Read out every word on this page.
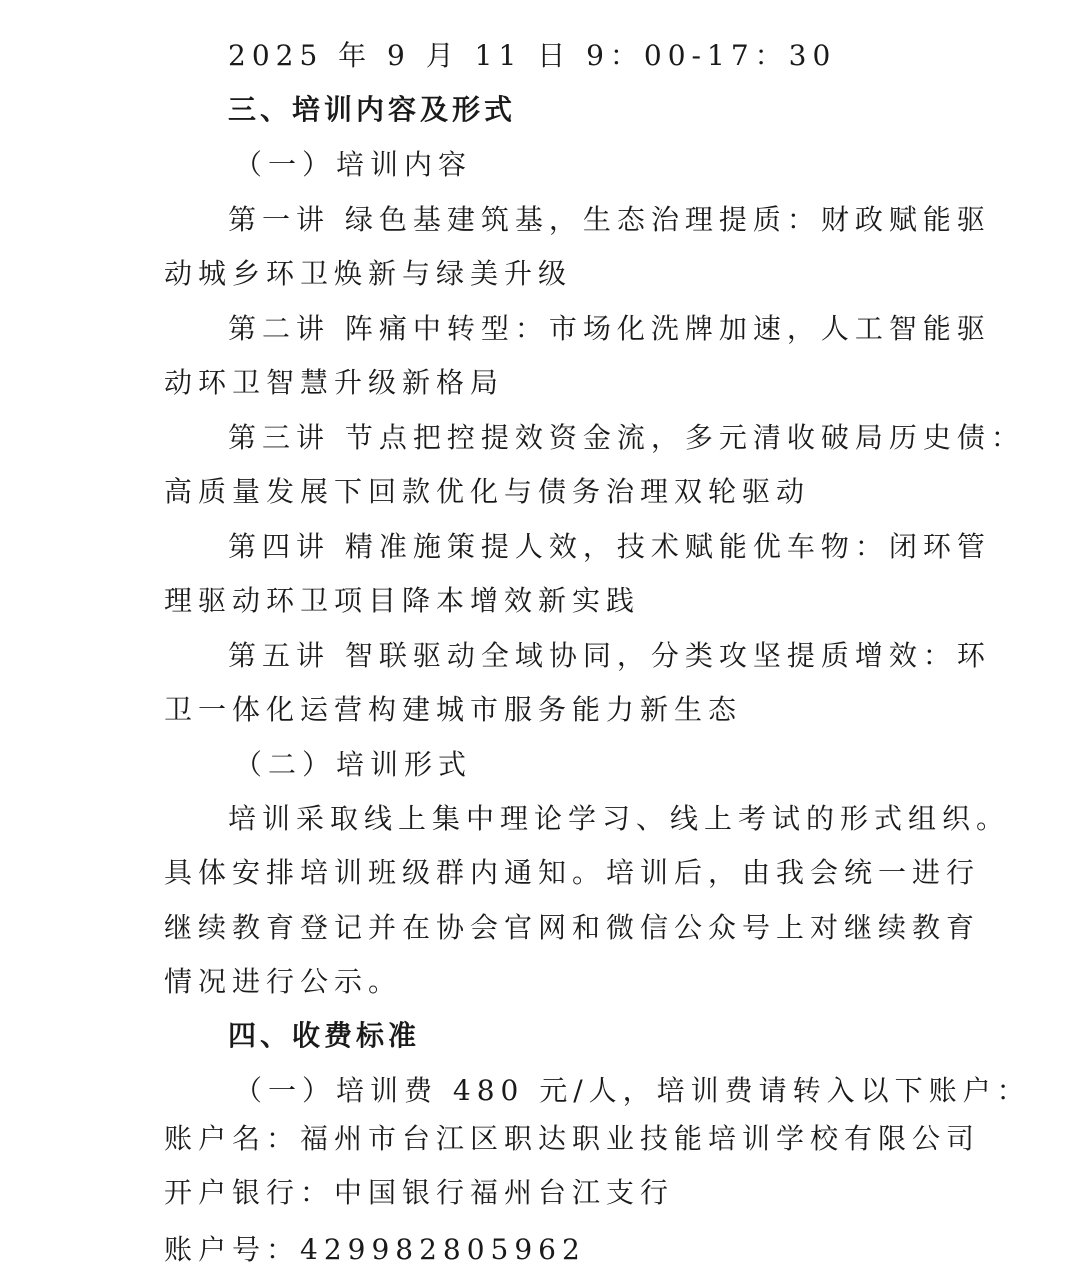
2025 年 9 月 11 日 9：00-17：30
三、培训内容及形式
（一）培训内容
第一讲 绿色基建筑基，生态治理提质：财政赋能驱
动城乡环卫焕新与绿美升级
第二讲 阵痛中转型：市场化洗牌加速，人工智能驱
动环卫智慧升级新格局
第三讲 节点把控提效资金流，多元清收破局历史债：
高质量发展下回款优化与债务治理双轮驱动
第四讲 精准施策提人效，技术赋能优车物：闭环管
理驱动环卫项目降本增效新实践
第五讲 智联驱动全域协同，分类攻坚提质增效：环
卫一体化运营构建城市服务能力新生态
（二）培训形式
培训采取线上集中理论学习、线上考试的形式组织。
具体安排培训班级群内通知。培训后，由我会统一进行
继续教育登记并在协会官网和微信公众号上对继续教育
情况进行公示。
四、收费标准
（一）培训费 480 元/人，培训费请转入以下账户：
账户名：福州市台江区职达职业技能培训学校有限公司
开户银行：中国银行福州台江支行
账户号：429982805962
